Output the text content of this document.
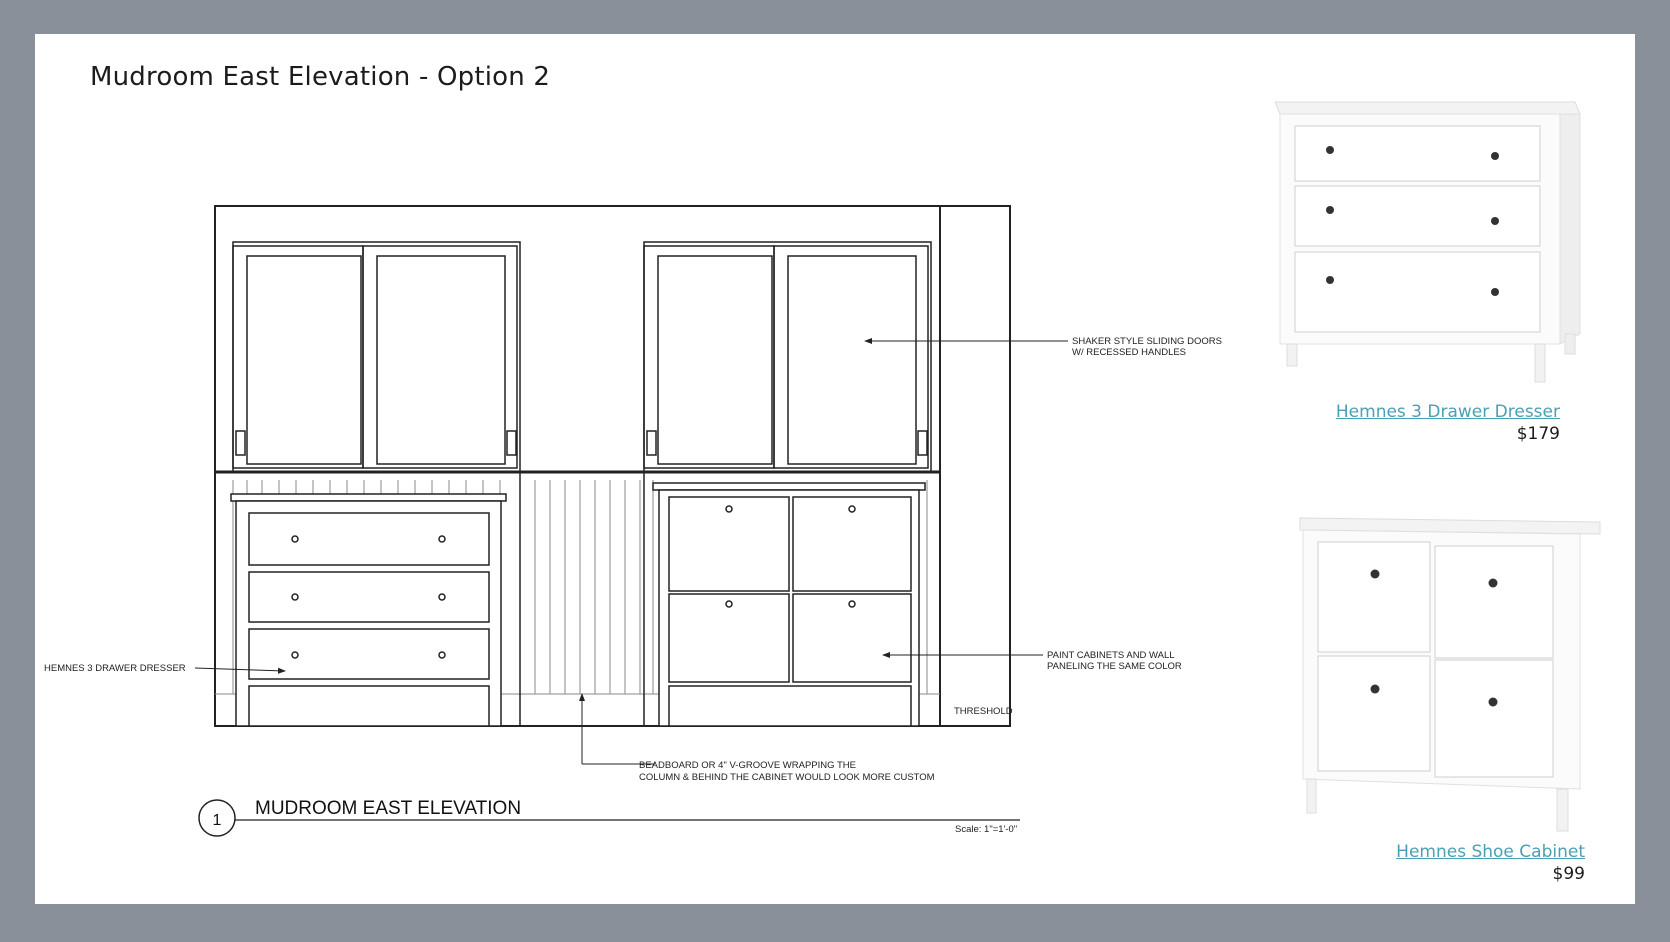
Mudroom East Elevation - Option 2
SHAKER STYLE SLIDING DOORS
W/ RECESSED HANDLES
PAINT CABINETS AND WALL
PANELING THE SAME COLOR
HEMNES 3 DRAWER DRESSER
BEADBOARD OR 4" V-GROOVE WRAPPING THE
COLUMN & BEHIND THE CABINET WOULD LOOK MORE CUSTOM
THRESHOLD
1
MUDROOM EAST ELEVATION
Scale: 1"=1'-0"
Hemnes 3 Drawer Dresser
$179
Hemnes Shoe Cabinet
$99
